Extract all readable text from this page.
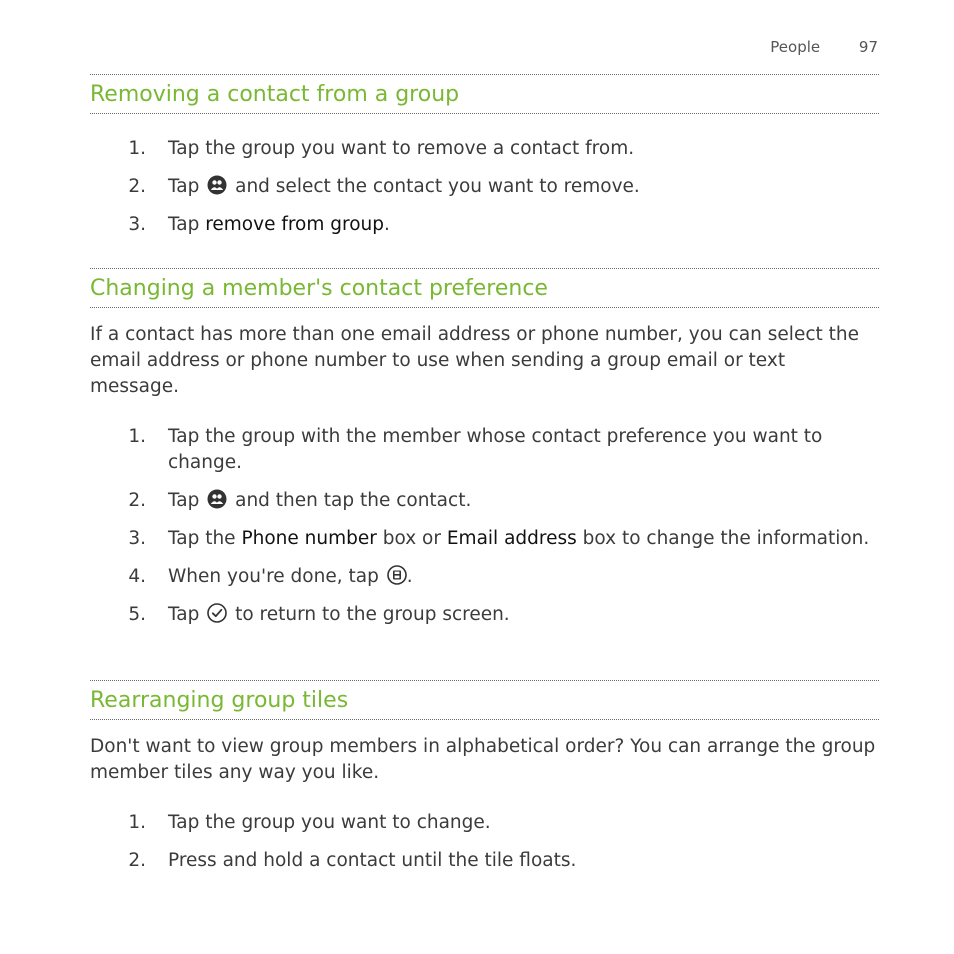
People	97
Removing a contact from a group
1. Tap the group you want to remove a contact from.
2. Tap and select the contact you want to remove.
3. Tap remove from group.
Changing a member's contact preference

If a contact has more than one email address or phone number, you can select the email address or phone number to use when sending a group email or text message.

1. Tap the group with the member whose contact preference you want to change.
2. Tap and then tap the contact.
3. Tap the Phone number box or Email address box to change the information.
4. When you're done, tap .
5. Tap to return to the group screen.
Rearranging group tiles

Don't want to view group members in alphabetical order? You can arrange the group member tiles any way you like.

1. Tap the group you want to change.
2. Press and hold a contact until the tile floats.
